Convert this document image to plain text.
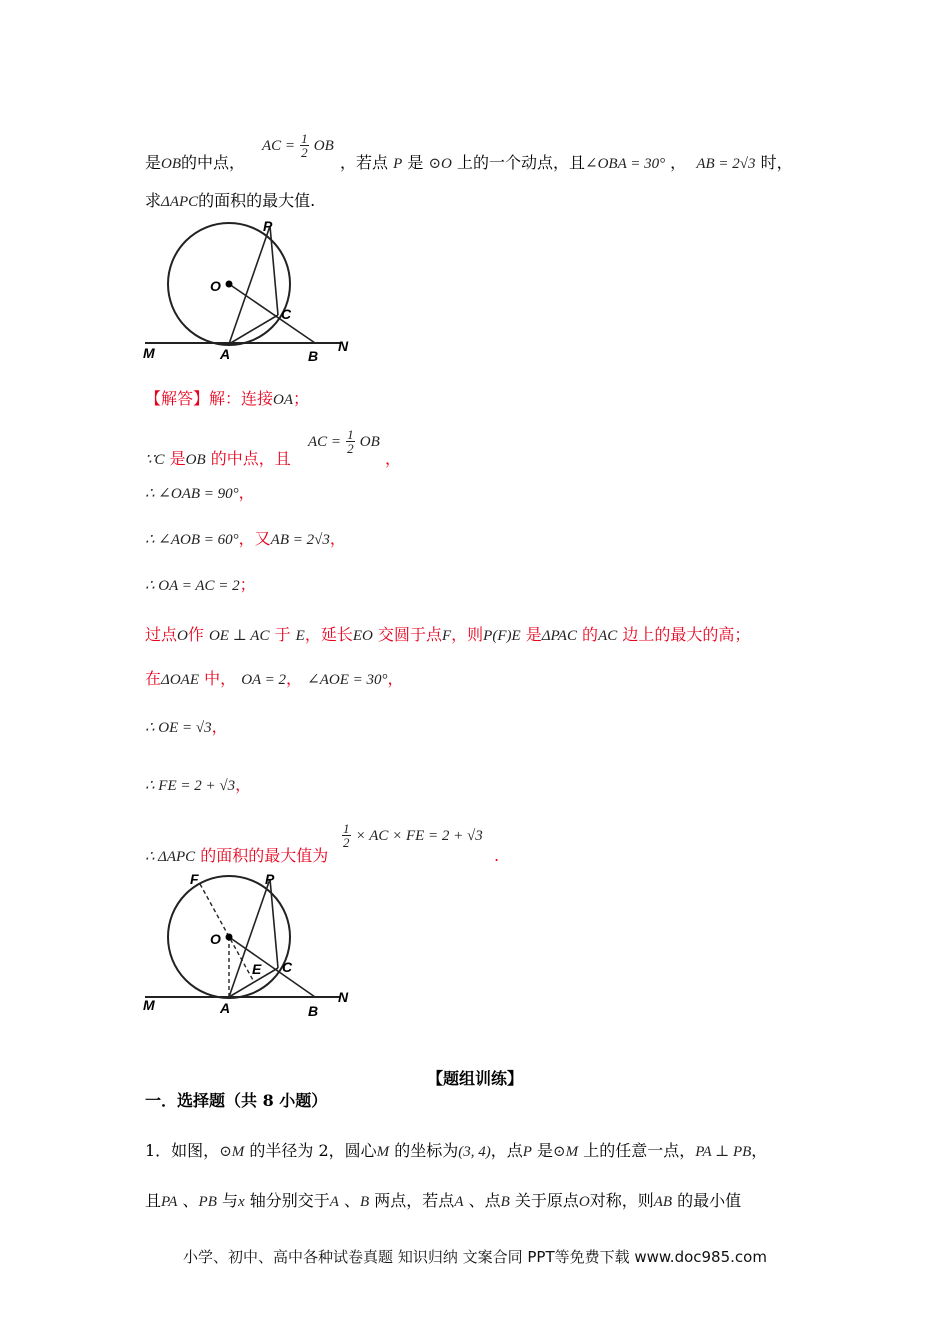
是OB的中点，
AC = $\frac{1}{2}$ OB
，若点 P 是 ⊙O 上的一个动点，且∠OBA = 30° ， AB = 2√3 时，
求ΔAPC的面积的最大值.
P
O
C
M	A	B
N
【解答】解：连接OA；
∵C 是OB 的中点，且
AC = $\frac{1}{2}$ OB
，
∴ ∠OAB = 90°，
∴ ∠AOB = 60°，又AB = 2√3，
∴ OA = AC = 2；
过点O作 OE ⊥ AC 于 E，延长EO 交圆于点F，则P(F)E 是ΔPAC 的AC 边上的最大的高；
在ΔOAE 中， OA = 2， ∠AOE = 30°，
∴ OE = √3，
∴ FE = 2 + √3，
∴ ΔAPC 的面积的最大值为
$\frac{1}{2}$ × AC × FE = 2 + √3
.
F	P
O
E C
M	A	B
N
【题组训练】
一．选择题（共 8 小题）
1．如图，⊙M 的半径为 2，圆心M 的坐标为(3, 4)，点P 是⊙M 上的任意一点，PA ⊥ PB，
且PA 、PB 与x 轴分别交于A 、B 两点，若点A 、点B 关于原点O对称，则AB 的最小值
小学、初中、高中各种试卷真题 知识归纳 文案合同 PPT等免费下载 www.doc985.com
